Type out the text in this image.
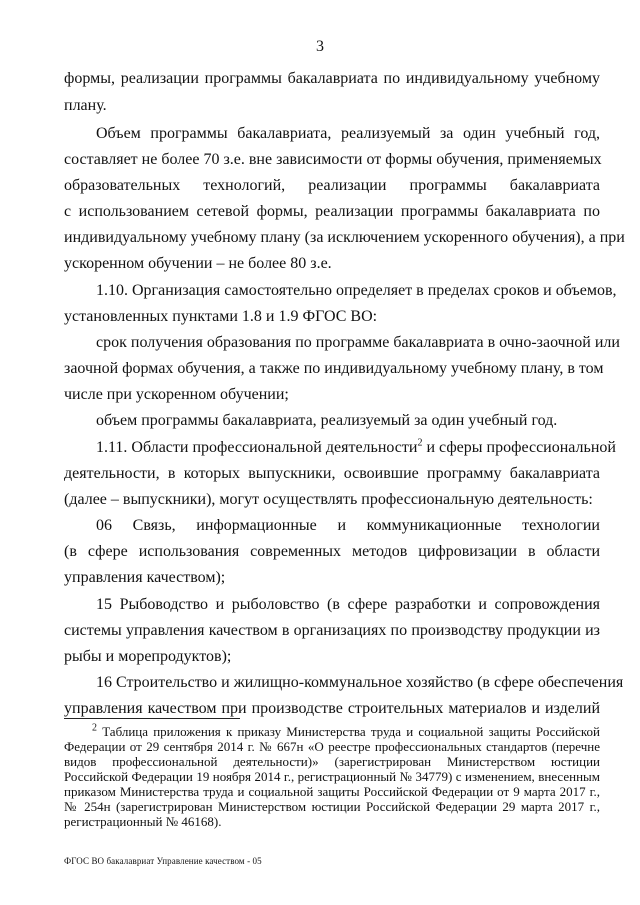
3
формы, реализации программы бакалавриата по индивидуальному учебному
плану.
Объем программы бакалавриата, реализуемый за один учебный год,
составляет не более 70 з.е. вне зависимости от формы обучения, применяемых
образовательных технологий, реализации программы бакалавриата
с использованием сетевой формы, реализации программы бакалавриата по
индивидуальному учебному плану (за исключением ускоренного обучения), а при
ускоренном обучении – не более 80 з.е.
1.10. Организация самостоятельно определяет в пределах сроков и объемов,
установленных пунктами 1.8 и 1.9 ФГОС ВО:
срок получения образования по программе бакалавриата в очно-заочной или
заочной формах обучения, а также по индивидуальному учебному плану, в том
числе при ускоренном обучении;
объем программы бакалавриата, реализуемый за один учебный год.
1.11. Области профессиональной деятельности$^2$ и сферы профессиональной
деятельности, в которых выпускники, освоившие программу бакалавриата
(далее – выпускники), могут осуществлять профессиональную деятельность:
06 Связь, информационные и коммуникационные технологии
(в сфере использования современных методов цифровизации в области
управления качеством);
15 Рыбоводство и рыболовство (в сфере разработки и сопровождения
системы управления качеством в организациях по производству продукции из
рыбы и морепродуктов);
16 Строительство и жилищно-коммунальное хозяйство (в сфере обеспечения
управления качеством при производстве строительных материалов и изделий
$^2$ Таблица приложения к приказу Министерства труда и социальной защиты Российской
Федерации от 29 сентября 2014 г. № 667н «О реестре профессиональных стандартов (перечне
видов профессиональной деятельности)» (зарегистрирован Министерством юстиции
Российской Федерации 19 ноября 2014 г., регистрационный № 34779) с изменением, внесенным
приказом Министерства труда и социальной защиты Российской Федерации от 9 марта 2017 г.,
№ 254н (зарегистрирован Министерством юстиции Российской Федерации 29 марта 2017 г.,
регистрационный № 46168).
ФГОС ВО бакалавриат Управление качеством - 05
